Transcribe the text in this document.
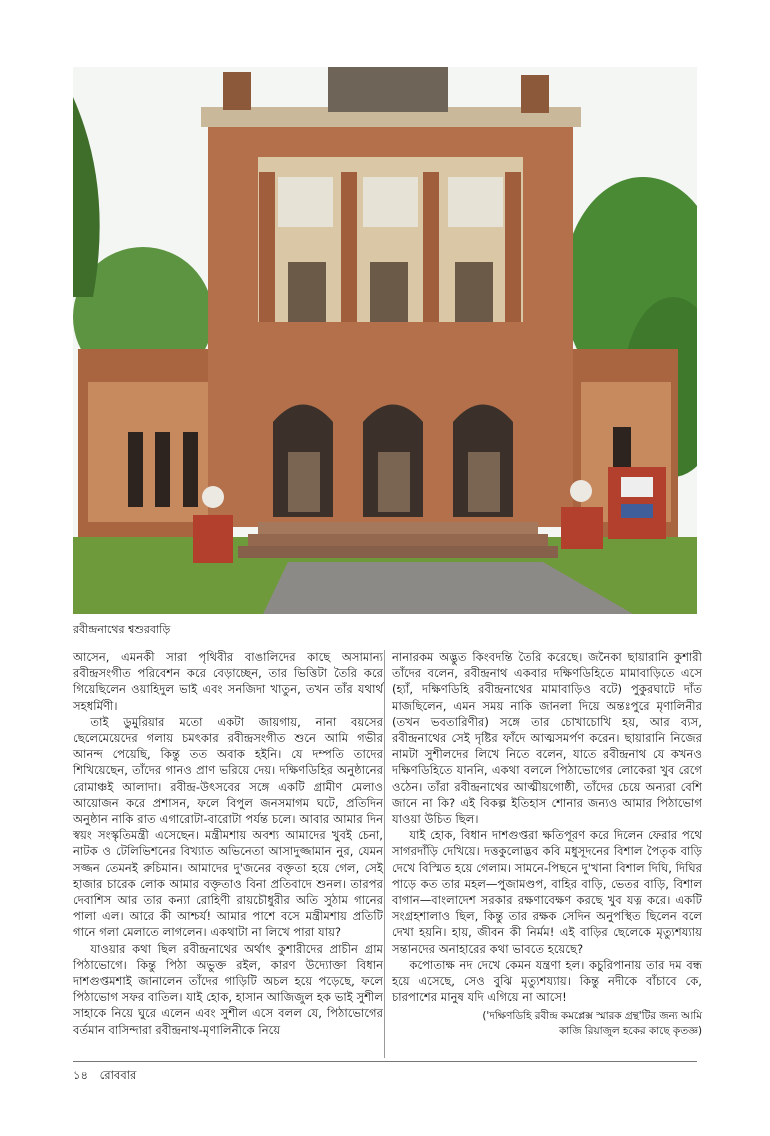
রবীন্দ্রনাথের শ্বশুরবাড়ি

আসেন, এমনকী সারা পৃথিবীর বাঙালিদের কাছে অসামান্য রবীন্দ্রসংগীত পরিবেশন করে বেড়াচ্ছেন, তার ভিত্তিটা তৈরি করে গিয়েছিলেন ওয়াহিদুল ভাই এবং সনজিদা খাতুন, তখন তাঁর যথার্থ সহধর্মিণী।

তাই ডুমুরিয়ার মতো একটা জায়গায়, নানা বয়সের ছেলেমেয়েদের গলায় চমৎকার রবীন্দ্রসংগীত শুনে আমি গভীর আনন্দ পেয়েছি, কিন্তু তত অবাক হইনি। যে দম্পতি তাদের শিখিয়েছেন, তাঁদের গানও প্রাণ ভরিয়ে দেয়। দক্ষিণডিহির অনুষ্ঠানের রোমাঞ্চই আলাদা। রবীন্দ্র-উৎসবের সঙ্গে একটি গ্রামীণ মেলাও আয়োজন করে প্রশাসন, ফলে বিপুল জনসমাগম ঘটে, প্রতিদিন অনুষ্ঠান নাকি রাত এগারোটা-বারোটা পর্যন্ত চলে। আবার আমার দিন স্বয়ং সংস্কৃতিমন্ত্রী এসেছেন। মন্ত্রীমশায় অবশ্য আমাদের খুবই চেনা, নাটক ও টেলিভিশনের বিখ্যাত অভিনেতা আসাদুজ্জামান নুর, যেমন সজ্জন তেমনই রুচিমান। আমাদের দু'জনের বক্তৃতা হয়ে গেল, সেই হাজার চারেক লোক আমার বক্তৃতাও বিনা প্রতিবাদে শুনল। তারপর দেবাশিস আর তার কন্যা রোহিণী রায়চৌধুরীর অতি সুঠাম গানের পালা এল। আরে কী আশ্চর্য! আমার পাশে বসে মন্ত্রীমশায় প্রতিটি গানে গলা মেলাতে লাগলেন। একথাটা না লিখে পারা যায়?

যাওয়ার কথা ছিল রবীন্দ্রনাথের অর্থাৎ কুশারীদের প্রাচীন গ্রাম পিঠাভোগে। কিন্তু পিঠা অভুক্ত রইল, কারণ উদ্যোক্তা বিধান দাশগুপ্তমশাই জানালেন তাঁদের গাড়িটি অচল হয়ে পড়েছে, ফলে পিঠাভোগ সফর বাতিল। যাই হোক, হাসান আজিজুল হক ভাই সুশীল সাহাকে নিয়ে ঘুরে এলেন এবং সুশীল এসে বলল যে, পিঠাভোগের বর্তমান বাসিন্দারা রবীন্দ্রনাথ-মৃণালিনীকে নিয়ে

নানারকম অদ্ভুত কিংবদন্তি তৈরি করেছে। জনৈকা ছায়ারানি কুশারী তাঁদের বলেন, রবীন্দ্রনাথ একবার দক্ষিণডিহিতে মামাবাড়িতে এসে (হ্যাঁ, দক্ষিণডিহি রবীন্দ্রনাথের মামাবাড়িও বটে) পুকুরঘাটে দাঁত মাজছিলেন, এমন সময় নাকি জানলা দিয়ে অন্তঃপুরে মৃণালিনীর (তখন ভবতারিণীর) সঙ্গে তার চোখাচোখি হয়, আর ব্যস, রবীন্দ্রনাথের সেই দৃষ্টির ফাঁদে আত্মসমর্পণ করেন। ছায়ারানি নিজের নামটা সুশীলদের লিখে নিতে বলেন, যাতে রবীন্দ্রনাথ যে কখনও দক্ষিণডিহিতে যাননি, একথা বললে পিঠাভোগের লোকেরা খুব রেগে ওঠেন। তাঁরা রবীন্দ্রনাথের আত্মীয়গোষ্ঠী, তাঁদের চেয়ে অন্যরা বেশি জানে না কি? এই বিকল্প ইতিহাস শোনার জন্যও আমার পিঠাভোগ যাওয়া উচিত ছিল।

যাই হোক, বিধান দাশগুপ্তরা ক্ষতিপূরণ করে দিলেন ফেরার পথে সাগরদাঁড়ি দেখিয়ে। দত্তকুলোদ্ভব কবি মধুসূদনের বিশাল পৈতৃক বাড়ি দেখে বিস্মিত হয়ে গেলাম। সামনে-পিছনে দু'খানা বিশাল দিঘি, দিঘির পাড়ে কত তার মহল—পুজামণ্ডপ, বাহির বাড়ি, ভেতর বাড়ি, বিশাল বাগান—বাংলাদেশ সরকার রক্ষণাবেক্ষণ করছে খুব যত্ন করে। একটি সংগ্রহশালাও ছিল, কিন্তু তার রক্ষক সেদিন অনুপস্থিত ছিলেন বলে দেখা হয়নি। হায়, জীবন কী নির্মম! এই বাড়ির ছেলেকে মৃত্যুশয্যায় সন্তানদের অনাহারের কথা ভাবতে হয়েছে?

কপোতাক্ষ নদ দেখে কেমন যন্ত্রণা হল। কচুরিপানায় তার দম বন্ধ হয়ে এসেছে, সেও বুঝি মৃত্যুশয্যায়। কিন্তু নদীকে বাঁচাবে কে, চারপাশের মানুষ যদি এগিয়ে না আসে!

('দক্ষিণডিহি রবীন্দ্র কমপ্লেক্স স্মারক গ্রন্থ'টির জন্য আমি
কাজি রিয়াজুল হকের কাছে কৃতজ্ঞ)

১৪ রোববার
